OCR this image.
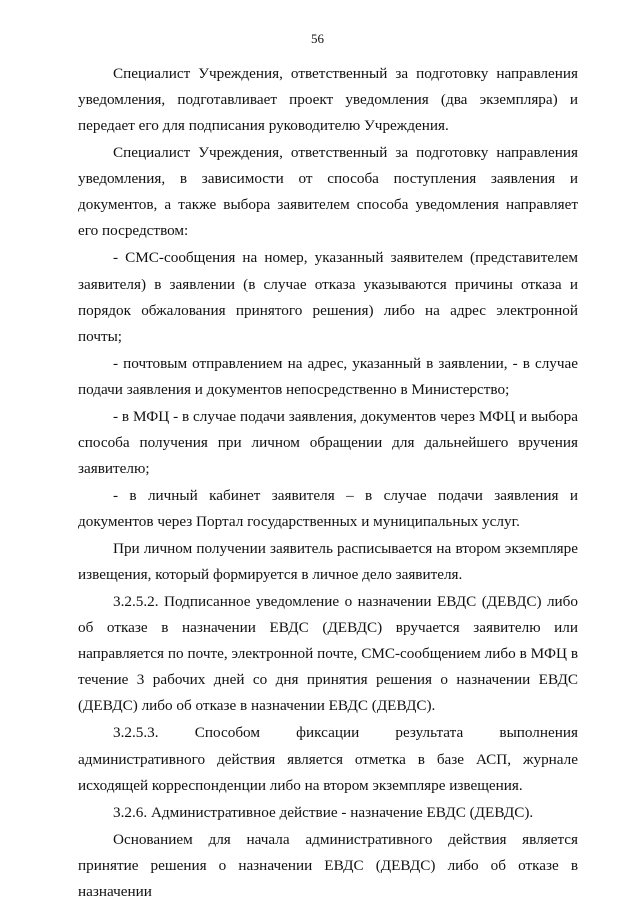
56

Специалист Учреждения, ответственный за подготовку направления уведомления, подготавливает проект уведомления (два экземпляра) и передает его для подписания руководителю Учреждения.

Специалист Учреждения, ответственный за подготовку направления уведомления, в зависимости от способа поступления заявления и документов, а также выбора заявителем способа уведомления направляет его посредством:

- СМС-сообщения на номер, указанный заявителем (представителем заявителя) в заявлении (в случае отказа указываются причины отказа и порядок обжалования принятого решения) либо на адрес электронной почты;

- почтовым отправлением на адрес, указанный в заявлении, - в случае подачи заявления и документов непосредственно в Министерство;

- в МФЦ - в случае подачи заявления, документов через МФЦ и выбора способа получения при личном обращении для дальнейшего вручения заявителю;

- в личный кабинет заявителя – в случае подачи заявления и документов через Портал государственных и муниципальных услуг.

При личном получении заявитель расписывается на втором экземпляре извещения, который формируется в личное дело заявителя.

3.2.5.2. Подписанное уведомление о назначении ЕВДС (ДЕВДС) либо об отказе в назначении ЕВДС (ДЕВДС) вручается заявителю или направляется по почте, электронной почте, СМС-сообщением либо в МФЦ в течение 3 рабочих дней со дня принятия решения о назначении ЕВДС (ДЕВДС) либо об отказе в назначении ЕВДС (ДЕВДС).

3.2.5.3. Способом фиксации результата выполнения административного действия является отметка в базе АСП, журнале исходящей корреспонденции либо на втором экземпляре извещения.

3.2.6. Административное действие - назначение ЕВДС (ДЕВДС).

Основанием для начала административного действия является принятие решения о назначении ЕВДС (ДЕВДС) либо об отказе в назначении
